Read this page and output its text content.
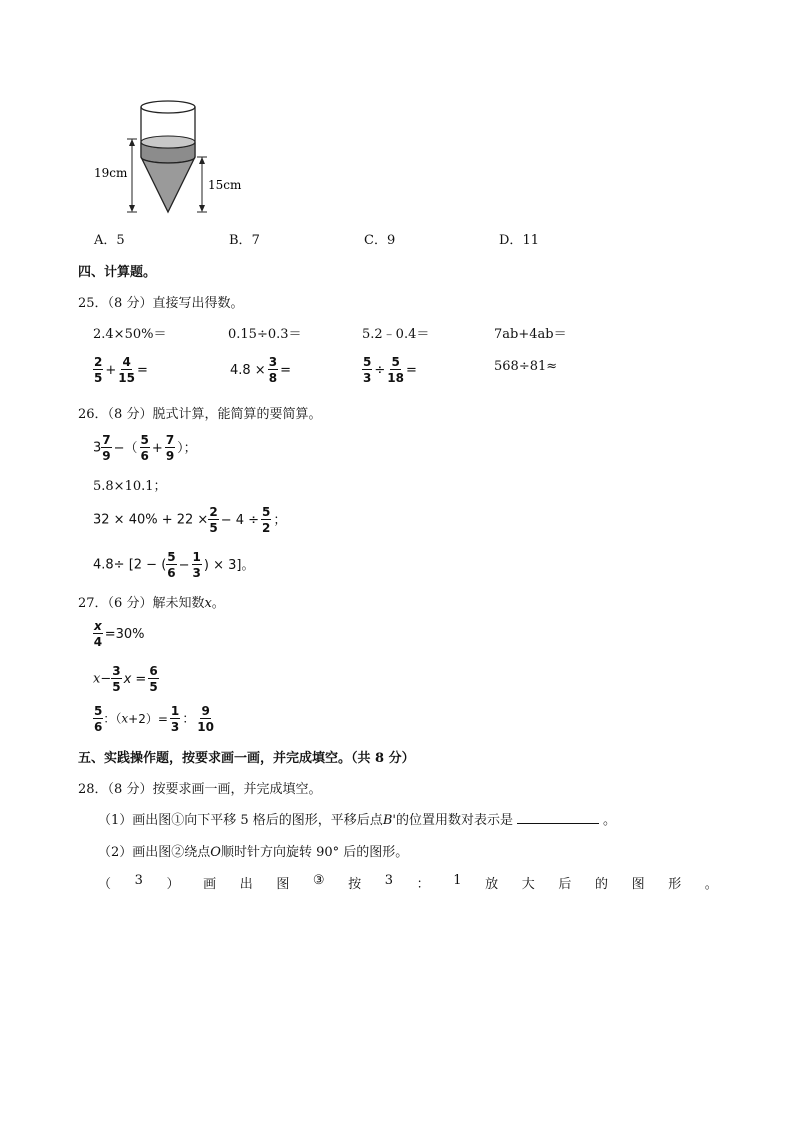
19cm
15cm
A．5	B．7	C．9	D．11
四、计算题。
25．（8 分）直接写出得数。
2.4×50%＝	0.15÷0.3＝	5.2﹣0.4＝	7ab+4ab＝
$\frac{2}{5} + \frac{4}{15}$ =	$4.8 \times \frac{3}{8}$ =	$\frac{5}{3} \div \frac{5}{18}$ =	568÷81≈
26．（8 分）脱式计算，能简算的要简算。
$3 \frac{7}{9}$ −（ $\frac{5}{6} + \frac{7}{9}$ ）；
5.8×10.1；
$32 \times 40\% + 22 \times \frac{2}{5} - 4 \div \frac{5}{2}$ ；
4.8÷ [2 − ( $\frac{5}{6} - \frac{1}{3}$ ) × 3]。
27．（6 分）解未知数x。
$\frac{x}{4} =30\%$
$x- \frac{3}{5}$ $x = \frac{6}{5}$
$\frac{5}{6}$ ：$(x+2)= \frac{1}{3}$ ： $\frac{9}{10}$
五、实践操作题，按要求画一画，并完成填空。（共 8 分）
28．（8 分）按要求画一画，并完成填空。
（1）画出图①向下平移 5 格后的图形，平移后点B'的位置用数对表示是	。
（2）画出图②绕点O顺时针方向旋转 90° 后的图形。
（ 3 ） 画 出 图 ③ 按 3 ： 1 放 大 后 的 图 形 。
